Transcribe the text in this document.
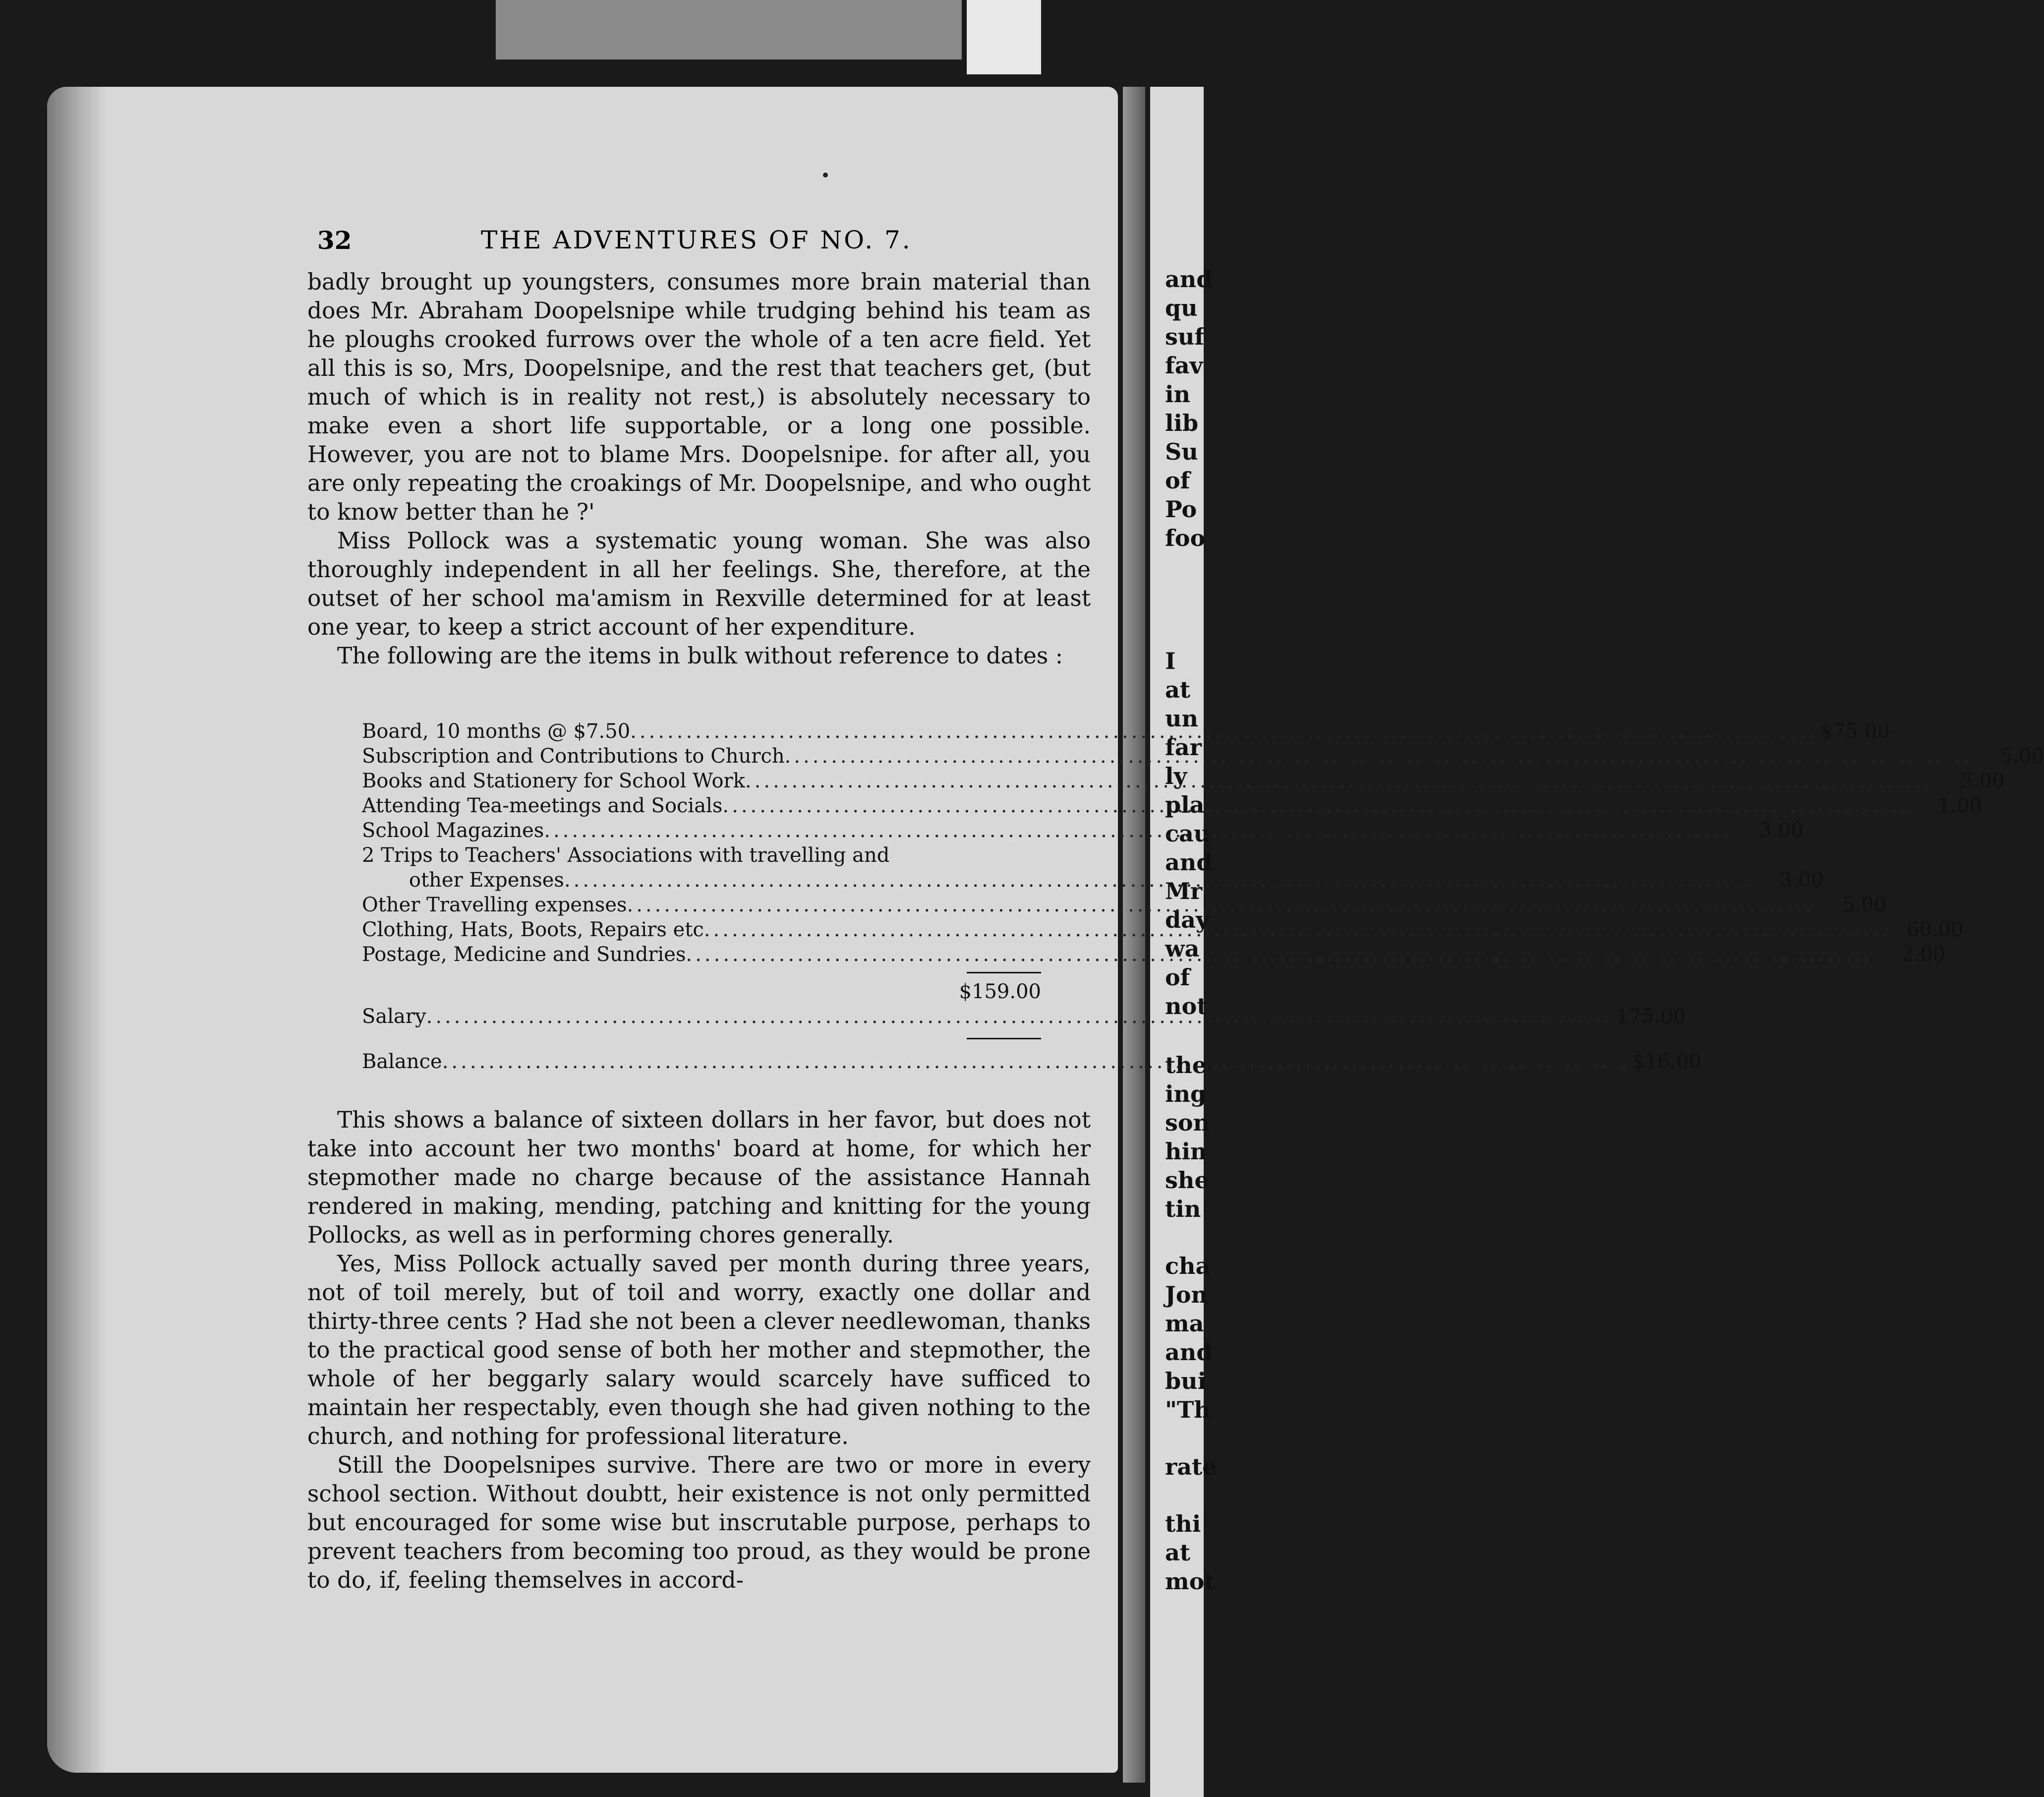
and
qu
suf
fav
in
lib
Su
of
Po
foo
I
at
un
far
ly
pla
cau
and
Mr
day
wa
of
not
the
ing
son
hin
she
tin
cha
Jon
ma
and
bui
"Th
rate
thi
at
mot
32	THE ADVENTURES OF NO. 7.

badly brought up youngsters, consumes more brain material than does Mr. Abraham Doopelsnipe while trudging behind his team as he ploughs crooked furrows over the whole of a ten acre field. Yet all this is so, Mrs, Doopelsnipe, and the rest that teachers get, (but much of which is in reality not rest,) is absolutely necessary to make even a short life supportable, or a long one possible. However, you are not to blame Mrs. Doopelsnipe. for after all, you are only repeating the croakings of Mr. Doopelsnipe, and who ought to know better than he ?'

Miss Pollock was a systematic young woman. She was also thoroughly independent in all her feelings. She, therefore, at the outset of her school ma'amism in Rexville determined for at least one year, to keep a strict account of her expenditure.

The following are the items in bulk without reference to dates :

Board, 10 months @ $7.50 .....	$75.00
Subscription and Contributions to Church .....	5.00
Books and Stationery for School Work .....	5.00
Attending Tea-meetings and Socials .....	1.00
School Magazines .....	3.00
2 Trips to Teachers' Associations with travelling and
other Expenses .....	3.00
Other Travelling expenses .....	5.00
Clothing, Hats, Boots, Repairs etc .....	60.00
Postage, Medicine and Sundries .....	2.00
$159.00
Salary .....	175.00
Balance .....	$16.00

This shows a balance of sixteen dollars in her favor, but does not take into account her two months' board at home, for which her stepmother made no charge because of the assistance Hannah rendered in making, mending, patching and knitting for the young Pollocks, as well as in performing chores generally.

Yes, Miss Pollock actually saved per month during three years, not of toil merely, but of toil and worry, exactly one dollar and thirty-three cents ? Had she not been a clever needlewoman, thanks to the practical good sense of both her mother and stepmother, the whole of her beggarly salary would scarcely have sufficed to maintain her respectably, even though she had given nothing to the church, and nothing for professional literature.

Still the Doopelsnipes survive. There are two or more in every school section. Without doubtt, heir existence is not only permitted but encouraged for some wise but inscrutable purpose, perhaps to prevent teachers from becoming too proud, as they would be prone to do, if, feeling themselves in accord-
